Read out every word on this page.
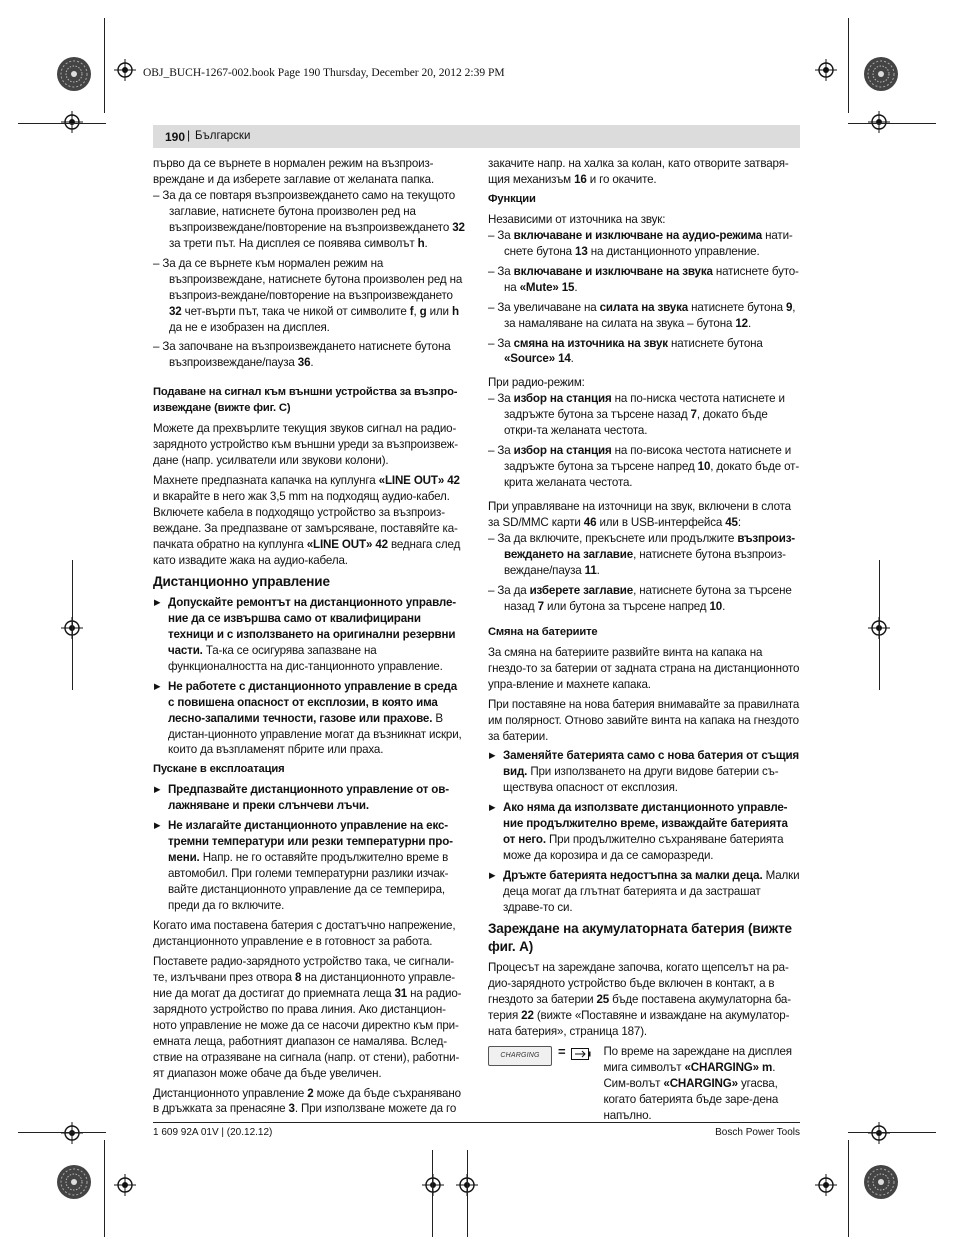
OBJ_BUCH-1267-002.book Page 190 Thursday, December 20, 2012 2:39 PM
190 | Български

първо да се върнете в нормален режим на възпроиз-вреждане и да изберете заглавие от желаната папка.

– За да се повтаря възпроизвеждането само на текущото заглавие, натиснете бутона произволен ред на възпроизвеждане/повторение на възпроизвеждането 32 за трети път. На дисплея се появява символът h.

– За да се върнете към нормален режим на възпроизвеждане, натиснете бутона произволен ред на възпроиз-веждане/повторение на възпроизвеждането 32 чет-върти път, така че никой от символите f, g или h да не е изобразен на дисплея.

– За започване на възпроизвеждането натиснете бутона възпроизвеждане/пауза 36.

Подаване на сигнал към външни устройства за възпро-извеждане (вижте фиг. C)

Можете да прехвърлите текущия звуков сигнал на радио-зарядното устройство към външни уреди за възпроизвеж-дане (напр. усилватели или звукови колони).

Махнете предпазната капачка на куплунга «LINE OUT» 42 и вкарайте в него жак 3,5 mm на подходящ аудио-кабел. Включете кабела в подходящо устройство за възпроиз-веждане. За предпазване от замърсяване, поставяйте ка-пачката обратно на куплунга «LINE OUT» 42 веднага след като извадите жака на аудио-кабела.

Дистанционно управление

▶ Допускайте ремонтът на дистанционното управле-ние да се извършва само от квалифицирани техници и с използването на оригинални резервни части. Та-ка се осигурява запазване на функционалността на дис-танционното управление.

▶ Не работете с дистанционното управление в среда с повишена опасност от експлозии, в която има лесно-запалими течности, газове или прахове. В дистан-ционното управление могат да възникнат искри, които да възпламенят пбрите или праха.

Пускане в експлоатация

▶ Предпазвайте дистанционното управление от ов-лажняване и преки слънчеви лъчи.

▶ Не излагайте дистанционното управление на екс-тремни температури или резки температурни про-мени. Напр. не го оставяйте продължително време в автомобил. При големи температурни разлики изчак-вайте дистанционното управление да се темперира, преди да го включите.

Когато има поставена батерия с достатъчно напрежение, дистанционното управление е в готовност за работа.

Поставете радио-зарядното устройство така, че сигнали-те, излъчвани през отвора 8 на дистанционното управле-ние да могат да достигат до приемната леща 31 на радио-зарядното устройство по права линия. Ако дистанцион-ното управление не може да се насочи директно към при-емната леща, работният диапазон се намалява. Вслед-ствие на отразяване на сигнала (напр. от стени), работни-ят диапазон може обаче да бъде увеличен.

Дистанционното управление 2 може да бъде съхранявано в дръжката за пренасяне 3. При използване можете да го

закачите напр. на халка за колан, като отворите затваря-щия механизъм 16 и го окачите.

Функции

Независими от източника на звук:

– За включаване и изключване на аудио-режима нати-снете бутона 13 на дистанционното управление.

– За включаване и изключване на звука натиснете буто-на «Mute» 15.

– За увеличаване на силата на звука натиснете бутона 9, за намаляване на силата на звука – бутона 12.

– За смяна на източника на звук натиснете бутона «Source» 14.

При радио-режим:

– За избор на станция на по-ниска честота натиснете и задръжте бутона за търсене назад 7, докато бъде откри-та желаната честота.

– За избор на станция на по-висока честота натиснете и задръжте бутона за търсене напред 10, докато бъде от-крита желаната честота.

При управляване на източници на звук, включени в слота за SD/MMC карти 46 или в USB-интерфейса 45:

– За да включите, прекъснете или продължите възпроиз-веждането на заглавие, натиснете бутона възпроиз-веждане/пауза 11.

– За да изберете заглавие, натиснете бутона за търсене назад 7 или бутона за търсене напред 10.

Смяна на батериите

За смяна на батериите развийте винта на капака на гнездо-то за батерии от задната страна на дистанционното упра-вление и махнете капака.

При поставяне на нова батерия внимавайте за правилната им полярност. Отново завийте винта на капака на гнездото за батерии.

▶ Заменяйте батерията само с нова батерия от същия вид. При използването на други видове батерии съ-ществува опасност от експлозия.

▶ Ако няма да използвате дистанционното управле-ние продължително време, изваждайте батерията от него. При продължително съхраняване батерията може да корозира и да се саморазреди.

▶ Дръжте батерията недостъпна за малки деца. Малки деца могат да глътнат батерията и да застрашат здраве-то си.

Зареждане на акумулаторната батерия (вижте фиг. A)

Процесът на зареждане започва, когато щепселът на ра-дио-зарядното устройство бъде включен в контакт, а в гнездото за батерии 25 бъде поставена акумулаторна ба-терия 22 (вижте «Поставяне и изваждане на акумулатор-ната батерия», страница 187).

CHARGING =	По време на зареждане на дисплея мига символът «CHARGING» m. Сим-волът «CHARGING» угасва, когато батерията бъде заре-дена напълно.

1 609 92A 01V | (20.12.12)	Bosch Power Tools
